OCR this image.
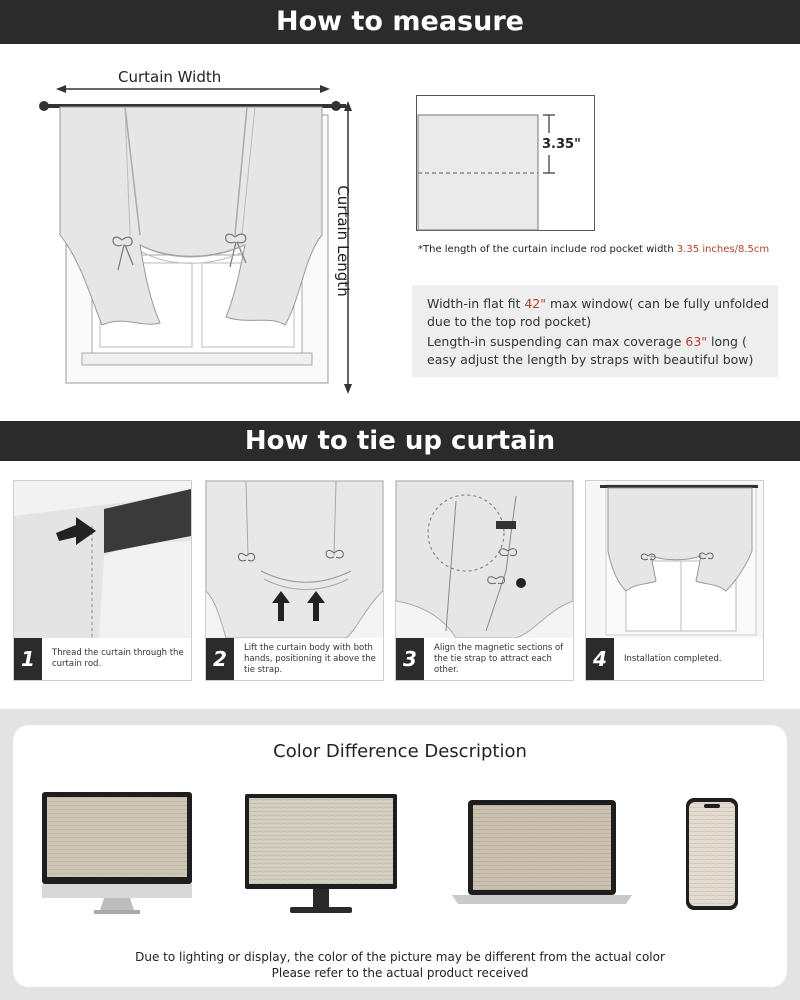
How to measure
Curtain Width
Curtain Length
3.35"
*The length of the curtain include rod pocket width 3.35 inches/8.5cm

Width-in flat fit 42" max window( can be fully unfolded due to the top rod pocket)

Length-in suspending can max coverage 63" long ( easy adjust the length by straps with beautiful bow)

How to tie up curtain
1	Thread the curtain through the curtain rod.	2	Lift the curtain body with both hands, positioning it above the tie strap.	3	Align the magnetic sections of the tie strap to attract each other.	4	Installation completed.
Color Difference Description
Due to lighting or display, the color of the picture may be different from the actual color
Please refer to the actual product received
